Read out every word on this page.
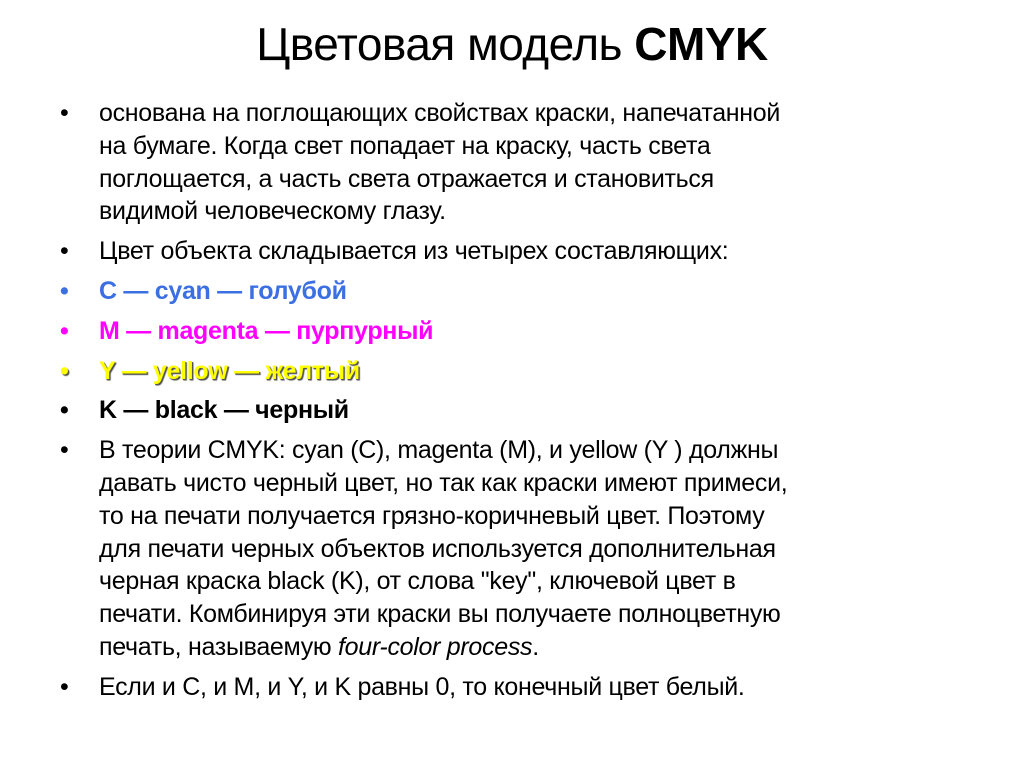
Цветовая модель CMYK
• основана на поглощающих свойствах краски, напечатанной
на бумаге. Когда свет попадает на краску, часть света
поглощается, а часть света отражается и становиться
видимой человеческому глазу.
• Цвет объекта складывается из четырех составляющих:
• C — cyan — голубой
• M — magenta — пурпурный
• Y — yellow — желтый
• K — black — черный
• В теории CMYK: cyan (C), magenta (M), и yellow (Y ) должны
давать чисто черный цвет, но так как краски имеют примеси,
то на печати получается грязно-коричневый цвет. Поэтому
для печати черных объектов используется дополнительная
черная краска black (K), от слова "key", ключевой цвет в
печати. Комбинируя эти краски вы получаете полноцветную
печать, называемую four-color process.
• Если и C, и M, и Y, и K равны 0, то конечный цвет белый.
